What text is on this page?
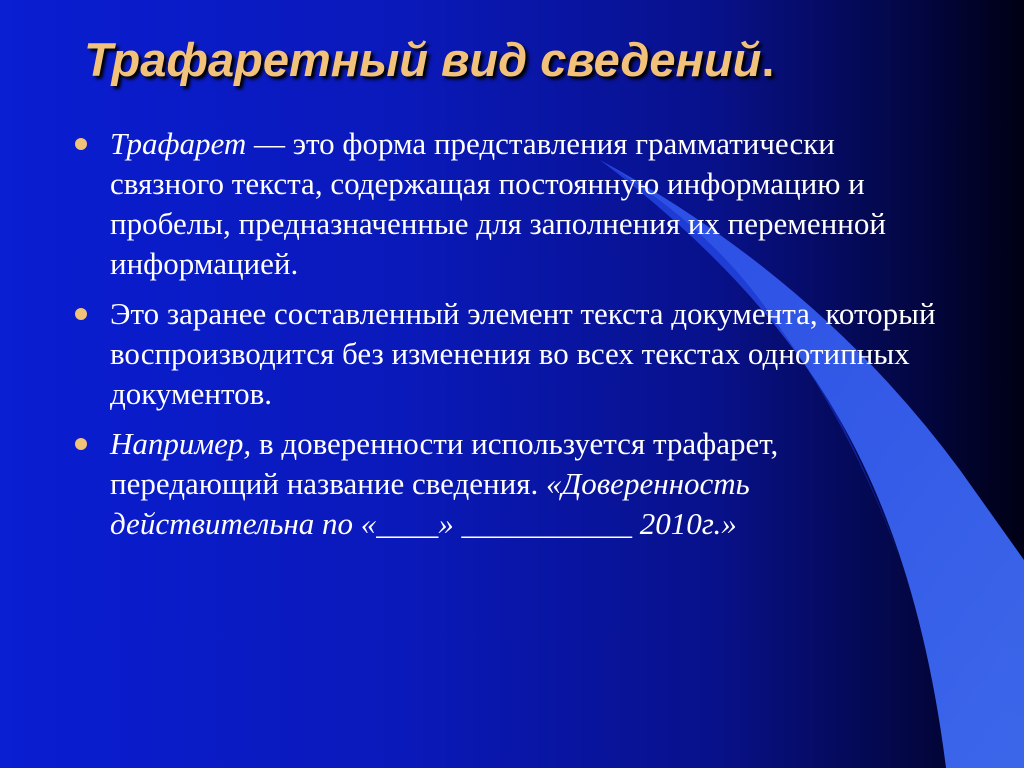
Трафаретный вид сведений.
Трафарет — это форма представления грамматически связного текста, содержащая постоянную информацию и пробелы, предназначенные для заполнения их переменной информацией.
Это заранее составленный элемент текста документа, который воспроизводится без изменения во всех текстах однотипных документов.
Например, в доверенности используется трафарет, передающий название сведения. «Доверенность действительна по «____» ___________ 2010г.»
